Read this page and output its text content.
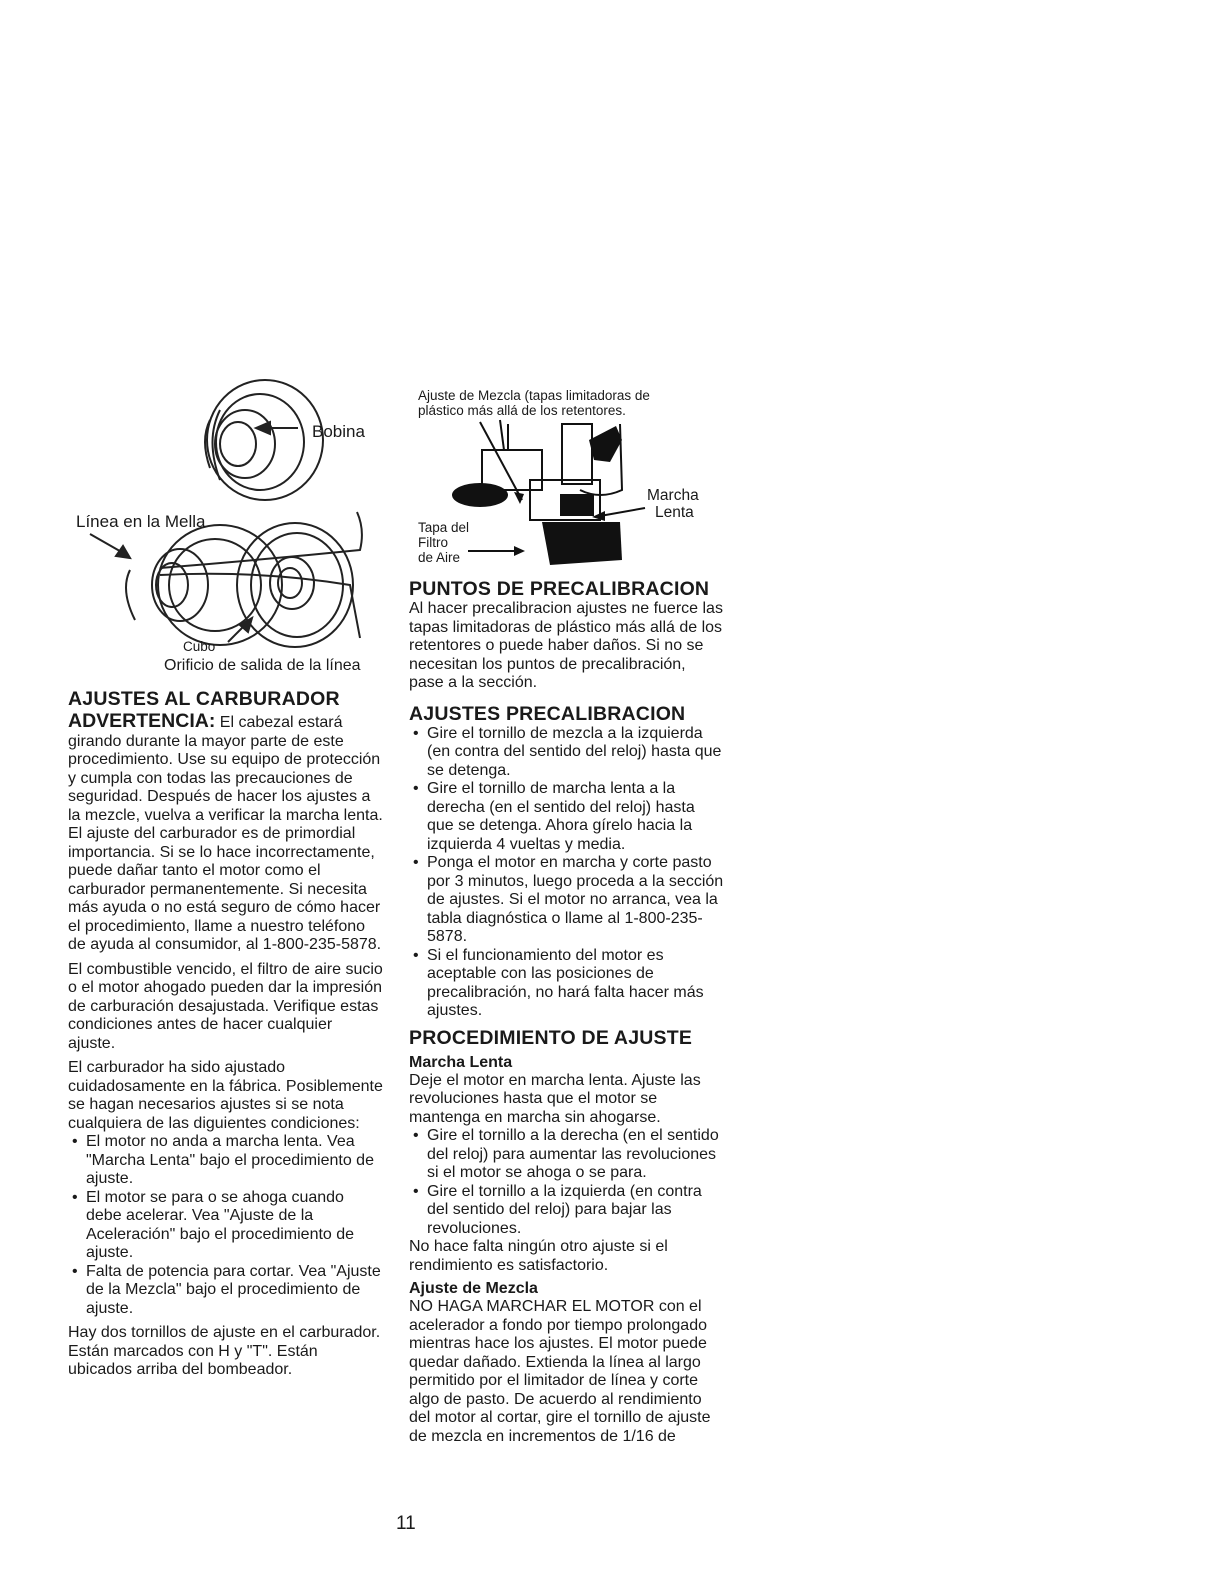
Bobina
Línea en la Mella
Cubo
Orificio de salida de la línea
Ajuste de Mezcla (tapas limitadoras de
plástico más allá de los retentores.
Marcha
Lenta
Tapa del
Filtro
de Aire
AJUSTES AL CARBURADOR

ADVERTENCIA: El cabezal estará girando durante la mayor parte de este procedimiento. Use su equipo de protección y cumpla con todas las precauciones de seguridad. Después de hacer los ajustes a la mezcle, vuelva a verificar la marcha lenta.

El ajuste del carburador es de primordial importancia. Si se lo hace incorrectamente, puede dañar tanto el motor como el carburador permanentemente. Si necesita más ayuda o no está seguro de cómo hacer el procedimiento, llame a nuestro teléfono de ayuda al consumidor, al 1-800-235-5878.

El combustible vencido, el filtro de aire sucio o el motor ahogado pueden dar la impresión de carburación desajustada. Verifique estas condiciones antes de hacer cualquier ajuste.

El carburador ha sido ajustado cuidadosamente en la fábrica. Posiblemente se hagan necesarios ajustes si se nota cualquiera de las diguientes condiciones:

• El motor no anda a marcha lenta. Vea "Marcha Lenta" bajo el procedimiento de ajuste.
• El motor se para o se ahoga cuando debe acelerar. Vea "Ajuste de la Aceleración" bajo el procedimiento de ajuste.
• Falta de potencia para cortar. Vea "Ajuste de la Mezcla" bajo el procedimiento de ajuste.

Hay dos tornillos de ajuste en el carburador. Están marcados con H y "T". Están ubicados arriba del bombeador.

PUNTOS DE PRECALIBRACION

Al hacer precalibracion ajustes ne fuerce las tapas limitadoras de plástico más allá de los retentores o puede haber daños. Si no se necesitan los puntos de precalibración, pase a la sección.

AJUSTES PRECALIBRACION
• Gire el tornillo de mezcla a la izquierda (en contra del sentido del reloj) hasta que se detenga.
• Gire el tornillo de marcha lenta a la derecha (en el sentido del reloj) hasta que se detenga. Ahora gírelo hacia la izquierda 4 vueltas y media.
• Ponga el motor en marcha y corte pasto por 3 minutos, luego proceda a la sección de ajustes. Si el motor no arranca, vea la tabla diagnóstica o llame al 1-800-235-5878.
• Si el funcionamiento del motor es aceptable con las posiciones de precalibración, no hará falta hacer más ajustes.
PROCEDIMIENTO DE AJUSTE
Marcha Lenta

Deje el motor en marcha lenta. Ajuste las revoluciones hasta que el motor se mantenga en marcha sin ahogarse.

• Gire el tornillo a la derecha (en el sentido del reloj) para aumentar las revoluciones si el motor se ahoga o se para.
• Gire el tornillo a la izquierda (en contra del sentido del reloj) para bajar las revoluciones.

No hace falta ningún otro ajuste si el rendimiento es satisfactorio.

Ajuste de Mezcla

NO HAGA MARCHAR EL MOTOR con el acelerador a fondo por tiempo prolongado mientras hace los ajustes. El motor puede quedar dañado. Extienda la línea al largo permitido por el limitador de línea y corte algo de pasto. De acuerdo al rendimiento del motor al cortar, gire el tornillo de ajuste de mezcla en incrementos de 1/16 de

11
